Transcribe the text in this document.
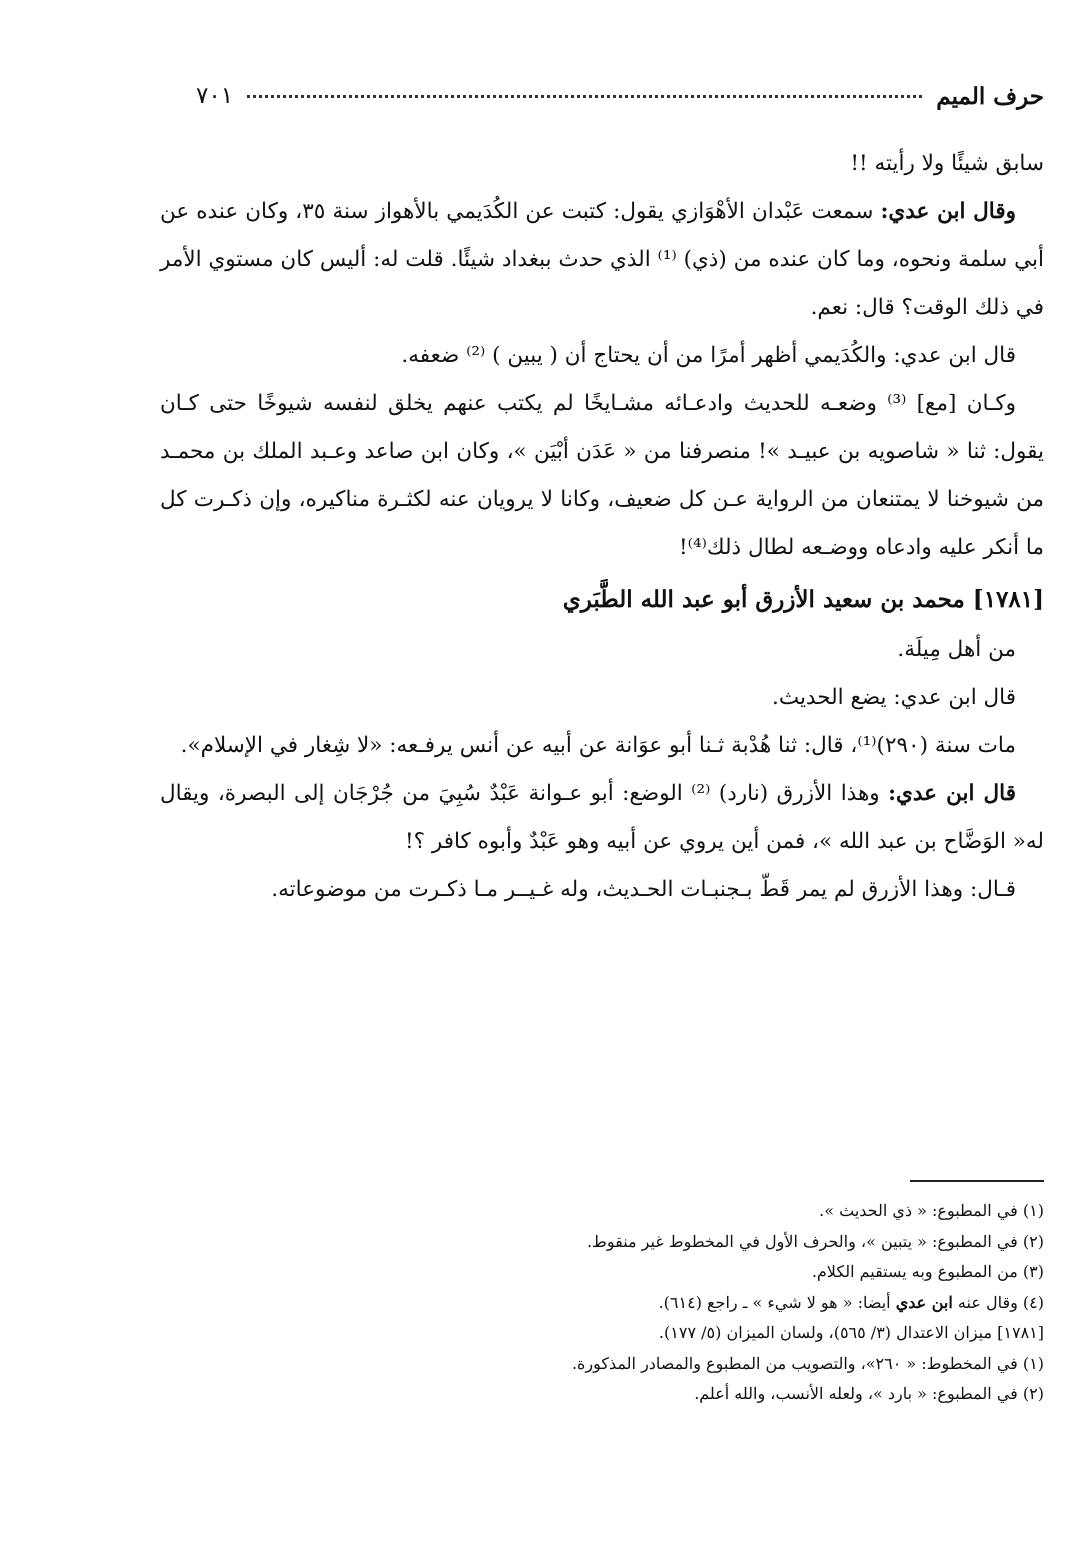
حرف الميم
٧٠١

سابق شيئًا ولا رأيته !!

وقال ابن عدي: سمعت عَبْدان الأهْوَازي يقول: كتبت عن الكُدَيمي بالأهواز سنة ٣٥، وكان عنده عن أبي سلمة ونحوه، وما كان عنده من (ذي) ⁽¹⁾ الذي حدث ببغداد شيئًا. قلت له: أليس كان مستوي الأمر في ذلك الوقت؟ قال: نعم.

قال ابن عدي: والكُدَيمي أظهر أمرًا من أن يحتاج أن ( يبين ) ⁽²⁾ ضعفه.

وكـان [مع] ⁽³⁾ وضعـه للحديث وادعـائه مشـايخًا لم يكتب عنهم يخلق لنفسه شيوخًا حتى كـان يقول: ثنا « شاصويه بن عبيـد »! منصرفنا من « عَدَن أبْيَن »، وكان ابن صاعد وعـبد الملك بن محمـد من شيوخنا لا يمتنعان من الرواية عـن كل ضعيف، وكانا لا يرويان عنه لكثـرة مناكيره، وإن ذكـرت كل ما أنكر عليه وادعاه ووضـعه لطال ذلك⁽⁴⁾!

[١٧٨١] محمد بن سعيد الأزرق أبو عبد الله الطَّبَري

من أهل مِيلَة.

قال ابن عدي: يضع الحديث.

مات سنة (٢٩٠)⁽¹⁾، قال: ثنا هُدْبة ثـنا أبو عوَانة عن أبيه عن أنس يرفـعه: «لا شِغار في الإسلام».

قال ابن عدي: وهذا الأزرق (نارد) ⁽²⁾ الوضع: أبو عـوانة عَبْدٌ سُبِيَ من جُرْجَان إلى البصرة، ويقال له« الوَضَّاح بن عبد الله »، فمن أين يروي عن أبيه وهو عَبْدٌ وأبوه كافر ؟!

قـال: وهذا الأزرق لم يمر قَطّ بـجنبـات الحـديث، وله غـيــر مـا ذكـرت من موضوعاته.

(١) في المطبوع: « ذي الحديث ».

(٢) في المطبوع: « يتبين »، والحرف الأول في المخطوط غير منقوط.

(٣) من المطبوع وبه يستقيم الكلام.

(٤) وقال عنه ابن عدي أيضا: « هو لا شيء » ـ راجع (٦١٤).

[١٧٨١] ميزان الاعتدال (٣/ ٥٦٥)، ولسان الميزان (٥/ ١٧٧).

(١) في المخطوط: « ٢٦٠»، والتصويب من المطبوع والمصادر المذكورة.

(٢) في المطبوع: « بارد »، ولعله الأنسب، والله أعلم.
